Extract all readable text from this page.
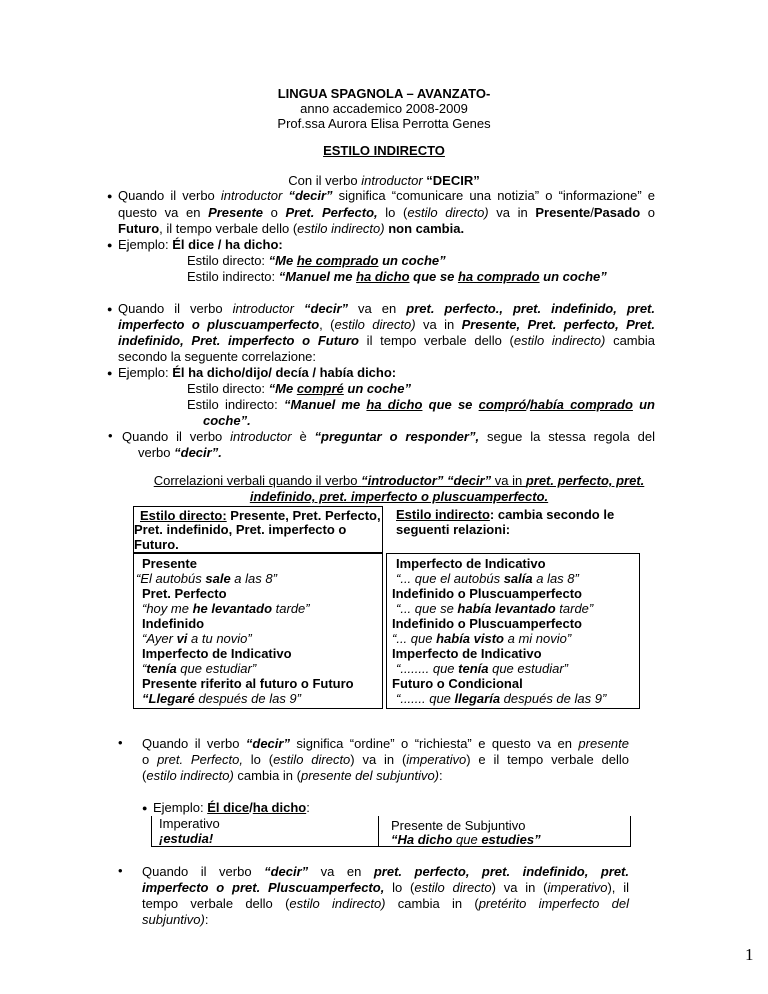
LINGUA SPAGNOLA – AVANZATO-
anno accademico 2008-2009
Prof.ssa Aurora Elisa Perrotta Genes
ESTILO INDIRECTO
Con il verbo introductor “DECIR”
● Quando il verbo introductor “decir” significa “comunicare una notizia” o “informazione” e
questo va en Presente o Pret. Perfecto, lo (estilo directo) va in Presente/Pasado o
Futuro, il tempo verbale dello (estilo indirecto) non cambia.
● Ejemplo: Él dice / ha dicho:
Estilo directo: “Me he comprado un coche”
Estilo indirecto: “Manuel me ha dicho que se ha comprado un coche”
● Quando il verbo introductor “decir” va en pret. perfecto., pret. indefinido, pret.
imperfecto o pluscuamperfecto, (estilo directo) va in Presente, Pret. perfecto, Pret.
indefinido, Pret. imperfecto o Futuro il tempo verbale dello (estilo indirecto) cambia
secondo la seguente correlazione:
● Ejemplo: Él ha dicho/dijo/ decía / había dicho:
Estilo directo: “Me compré un coche”
Estilo indirecto: “Manuel me ha dicho que se compró/había comprado un
coche”.
• Quando il verbo introductor è “preguntar o responder”, segue la stessa regola del
verbo “decir”.
Correlazioni verbali quando il verbo “introductor” “decir” va in pret. perfecto, pret.
indefinido, pret. imperfecto o pluscuamperfecto.
Estilo directo: Presente, Pret. Perfecto,
Pret. indefinido, Pret. imperfecto o
Futuro.
Estilo indirecto: cambia secondo le
seguenti relazioni:
Presente
“El autobús sale a las 8”
Pret. Perfecto
“hoy me he levantado tarde”
Indefinido
“Ayer vi a tu novio”
Imperfecto de Indicativo
“tenía que estudiar”
Presente riferito al futuro o Futuro
“Llegaré después de las 9”
Imperfecto de Indicativo
“... que el autobús salía a las 8”
Indefinido o Pluscuamperfecto
“... que se había levantado tarde”
Indefinido o Pluscuamperfecto
“... que había visto a mi novio”
Imperfecto de Indicativo
“........ que tenía que estudiar”
Futuro o Condicional
“....... que llegaría después de las 9”
• Quando il verbo “decir” significa “ordine” o “richiesta” e questo va en presente
o pret. Perfecto, lo (estilo directo) va in (imperativo) e il tempo verbale dello
(estilo indirecto) cambia in (presente del subjuntivo):
● Ejemplo: Él dice/ha dicho:
Imperativo
¡estudia!
Presente de Subjuntivo
“Ha dicho que estudies”
• Quando il verbo “decir” va en pret. perfecto, pret. indefinido, pret.
imperfecto o pret. Pluscuamperfecto, lo (estilo directo) va in (imperativo), il
tempo verbale dello (estilo indirecto) cambia in (pretérito imperfecto del
subjuntivo):
1
